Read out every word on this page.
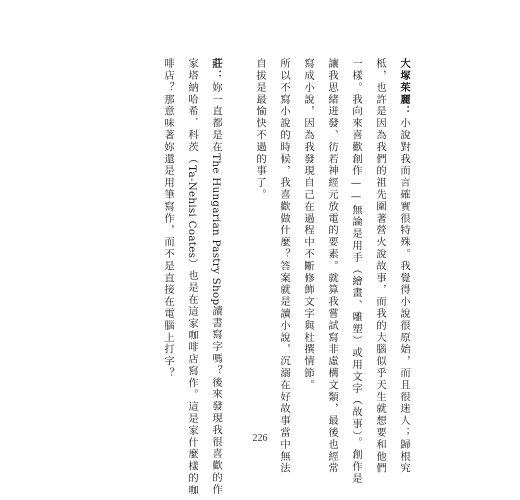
大塚茱麗：小說對我而言確實很特殊。我覺得小說很原始，而且很迷人；歸根究
柢，也許是因為我們的祖先圍著營火說故事，而我的大腦似乎天生就想要和他們
一樣。我向來喜歡創作——無論是用手（繪畫、雕塑）或用文字（故事）。創作是
讓我思緒迸發、彷若神經元放電的要素。就算我嘗試寫非虛構文類，最後也經常
寫成小說，因為我發現自己在過程中不斷修飾文字與杜撰情節。
所以不寫小說的時候，我喜歡做什麼？答案就是讀小說，沉溺在好故事當中無法
自拔是最愉快不過的事了。
莊：妳一直都是在The Hungarian Pastry Shop讀書寫字嗎？後來發現我很喜歡的作
家塔納哈希．科茨（Ta-Nehisi Coates）也是在這家咖啡店寫作。這是家什麼樣的咖
啡店？那意味著妳還是用筆寫作，而不是直接在電腦上打字？
226
